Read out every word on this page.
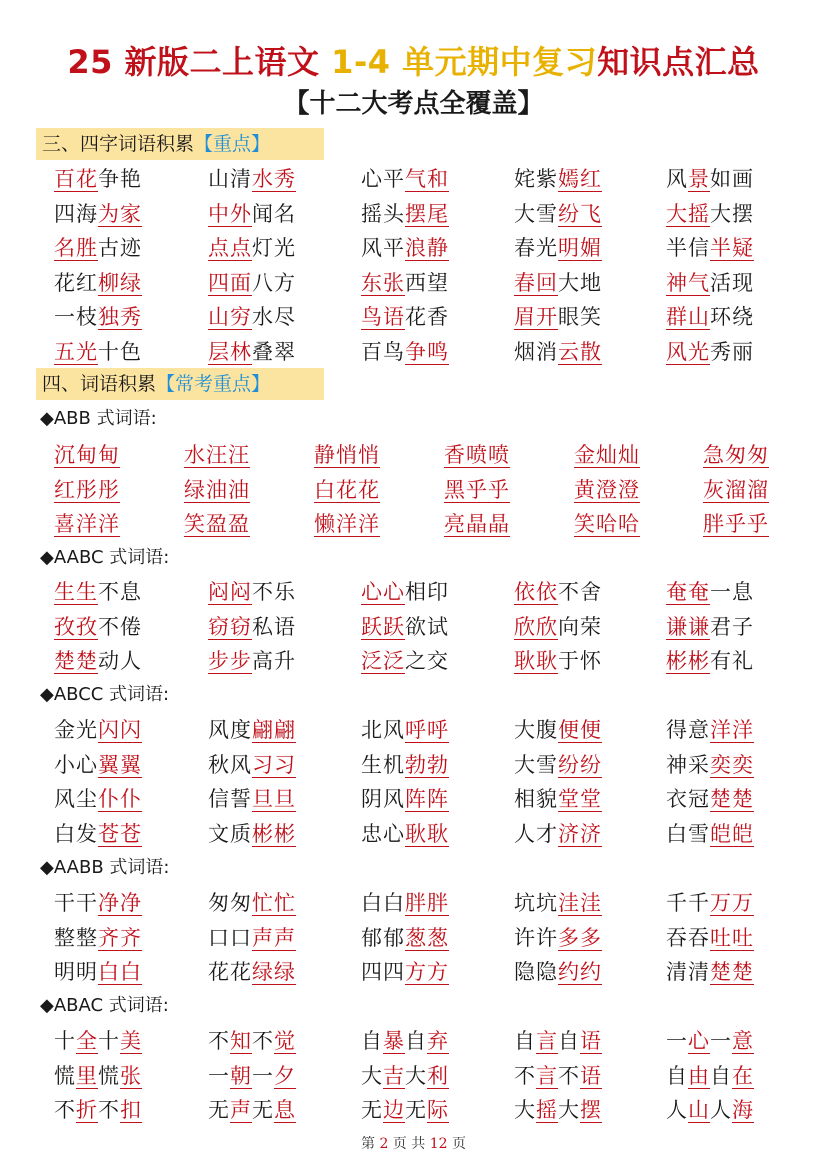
25 新版二上语文 1-4 单元期中复习知识点汇总
【十二大考点全覆盖】
三、四字词语积累【重点】
百花争艳	山清水秀	心平气和	姹紫嫣红	风景如画
四海为家	中外闻名	摇头摆尾	大雪纷飞	大摇大摆
名胜古迹	点点灯光	风平浪静	春光明媚	半信半疑
花红柳绿	四面八方	东张西望	春回大地	神气活现
一枝独秀	山穷水尽	鸟语花香	眉开眼笑	群山环绕
五光十色	层林叠翠	百鸟争鸣	烟消云散	风光秀丽
四、词语积累【常考重点】
◆ABB 式词语:
沉甸甸	水汪汪	静悄悄	香喷喷	金灿灿	急匆匆
红彤彤	绿油油	白花花	黑乎乎	黄澄澄	灰溜溜
喜洋洋	笑盈盈	懒洋洋	亮晶晶	笑哈哈	胖乎乎
◆AABC 式词语:
生生不息	闷闷不乐	心心相印	依依不舍	奄奄一息
孜孜不倦	窃窃私语	跃跃欲试	欣欣向荣	谦谦君子
楚楚动人	步步高升	泛泛之交	耿耿于怀	彬彬有礼
◆ABCC 式词语:
金光闪闪	风度翩翩	北风呼呼	大腹便便	得意洋洋
小心翼翼	秋风习习	生机勃勃	大雪纷纷	神采奕奕
风尘仆仆	信誓旦旦	阴风阵阵	相貌堂堂	衣冠楚楚
白发苍苍	文质彬彬	忠心耿耿	人才济济	白雪皑皑
◆AABB 式词语:
干干净净	匆匆忙忙	白白胖胖	坑坑洼洼	千千万万
整整齐齐	口口声声	郁郁葱葱	许许多多	吞吞吐吐
明明白白	花花绿绿	四四方方	隐隐约约	清清楚楚
◆ABAC 式词语:
十全十美	不知不觉	自暴自弃	自言自语	一心一意
慌里慌张	一朝一夕	大吉大利	不言不语	自由自在
不折不扣	无声无息	无边无际	大摇大摆	人山人海
第 2 页 共 12 页
